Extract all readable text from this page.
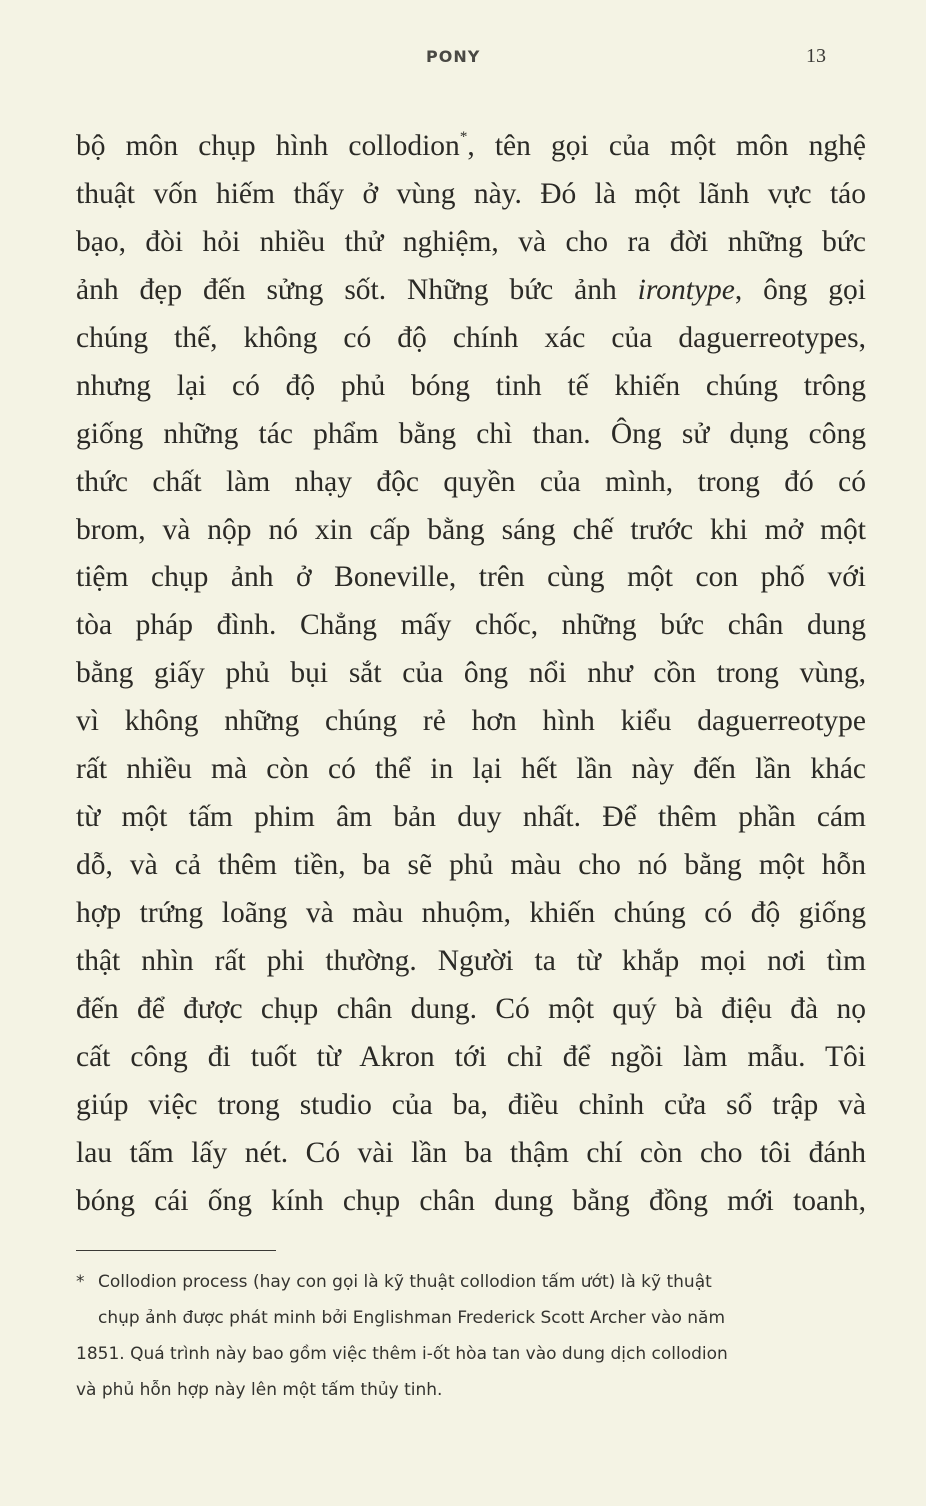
PONY	13

bộ môn chụp hình collodion*, tên gọi của một môn nghệ
thuật vốn hiếm thấy ở vùng này. Đó là một lãnh vực táo
bạo, đòi hỏi nhiều thử nghiệm, và cho ra đời những bức
ảnh đẹp đến sửng sốt. Những bức ảnh irontype, ông gọi
chúng thế, không có độ chính xác của daguerreotypes,
nhưng lại có độ phủ bóng tinh tế khiến chúng trông
giống những tác phẩm bằng chì than. Ông sử dụng công
thức chất làm nhạy độc quyền của mình, trong đó có
brom, và nộp nó xin cấp bằng sáng chế trước khi mở một
tiệm chụp ảnh ở Boneville, trên cùng một con phố với
tòa pháp đình. Chẳng mấy chốc, những bức chân dung
bằng giấy phủ bụi sắt của ông nổi như cồn trong vùng,
vì không những chúng rẻ hơn hình kiểu daguerreotype
rất nhiều mà còn có thể in lại hết lần này đến lần khác
từ một tấm phim âm bản duy nhất. Để thêm phần cám
dỗ, và cả thêm tiền, ba sẽ phủ màu cho nó bằng một hỗn
hợp trứng loãng và màu nhuộm, khiến chúng có độ giống
thật nhìn rất phi thường. Người ta từ khắp mọi nơi tìm
đến để được chụp chân dung. Có một quý bà điệu đà nọ
cất công đi tuốt từ Akron tới chỉ để ngồi làm mẫu. Tôi
giúp việc trong studio của ba, điều chỉnh cửa sổ trập và
lau tấm lấy nét. Có vài lần ba thậm chí còn cho tôi đánh
bóng cái ống kính chụp chân dung bằng đồng mới toanh,

* Collodion process (hay con gọi là kỹ thuật collodion tấm ướt) là kỹ thuật
chụp ảnh được phát minh bởi Englishman Frederick Scott Archer vào năm
1851. Quá trình này bao gồm việc thêm i-ốt hòa tan vào dung dịch collodion
và phủ hỗn hợp này lên một tấm thủy tinh.
